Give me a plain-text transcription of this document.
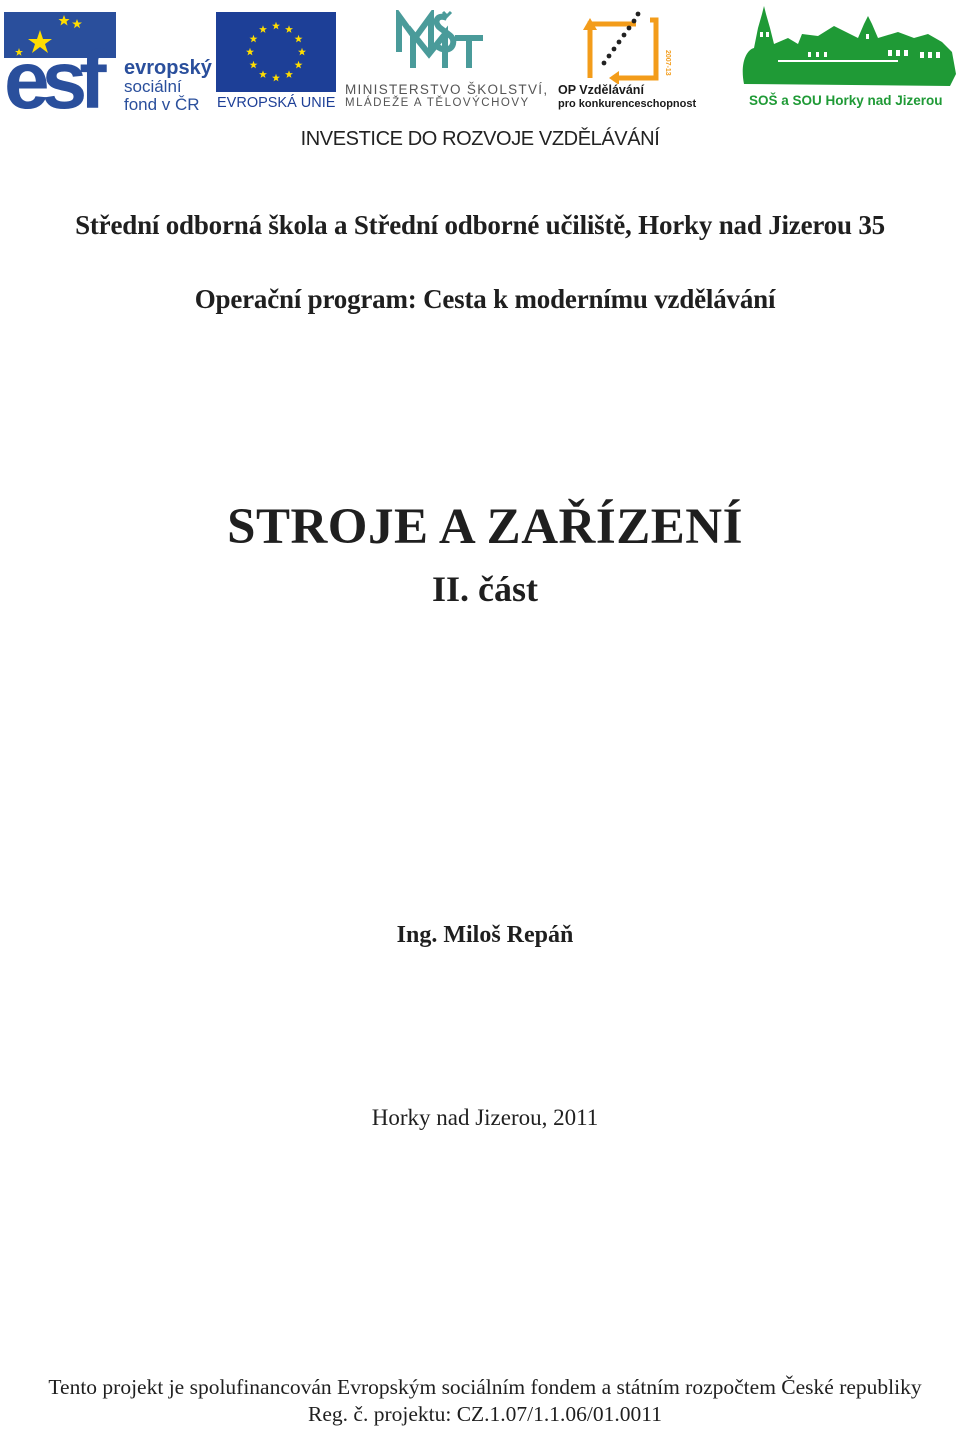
esf	evropský
sociální
fond v ČR EVROPSKÁ UNIE
MINISTERSTVO ŠKOLSTVÍ,
MLÁDEŽE A TĚLOVÝCHOVY
2007-13
OP Vzdělávání
pro konkurenceschopnost	SOŠ a SOU Horky nad Jizerou
INVESTICE DO ROZVOJE VZDĚLÁVÁNÍ
Střední odborná škola a Střední odborné učiliště, Horky nad Jizerou 35
Operační program: Cesta k modernímu vzdělávání
STROJE A ZAŘÍZENÍ
II. část
Ing. Miloš Repáň
Horky nad Jizerou, 2011
Tento projekt je spolufinancován Evropským sociálním fondem a státním rozpočtem České republiky
Reg. č. projektu: CZ.1.07/1.1.06/01.0011
